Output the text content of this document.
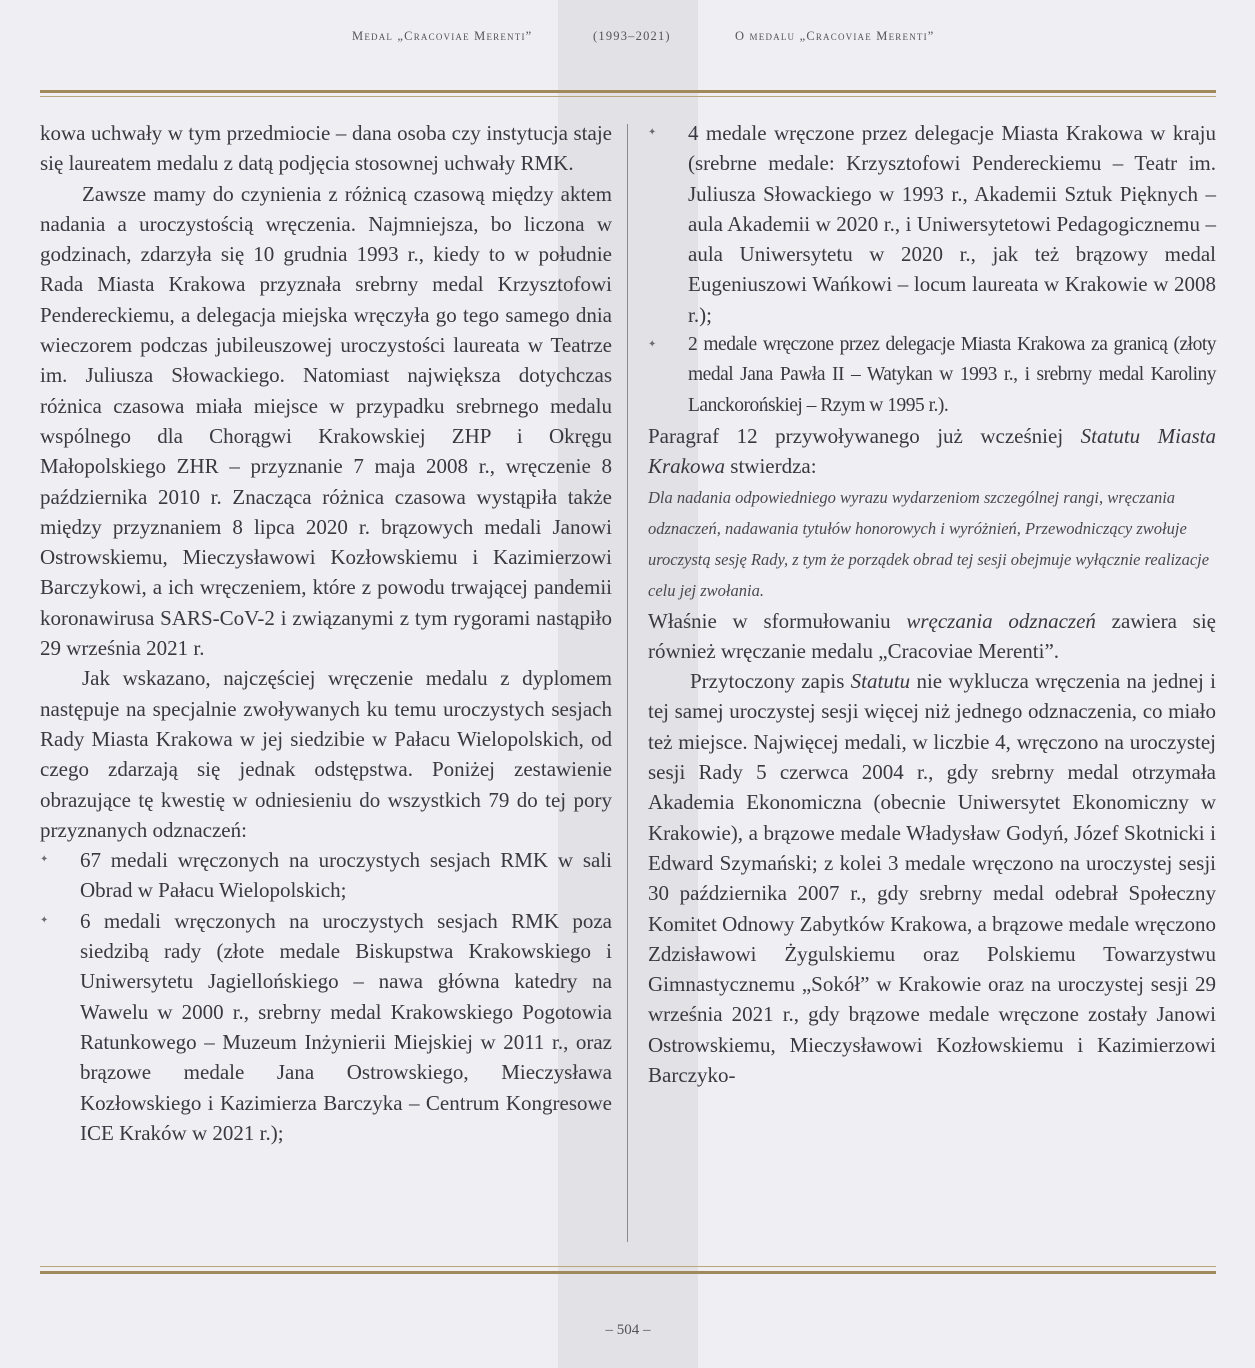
Medal „Cracoviae Merenti”	(1993–2021)	O medalu „Cracoviae Merenti”

kowa uchwały w tym przedmiocie – dana osoba czy instytucja staje się laureatem medalu z datą podjęcia stosownej uchwały RMK.

Zawsze mamy do czynienia z różnicą czasową między aktem nadania a uroczystością wręczenia. Najmniejsza, bo liczona w godzinach, zdarzyła się 10 grudnia 1993 r., kiedy to w południe Rada Miasta Krakowa przyznała srebrny medal Krzysztofowi Pendereckiemu, a delegacja miejska wręczyła go tego samego dnia wieczorem podczas jubileuszowej uroczystości laureata w Teatrze im. Juliusza Słowackiego. Natomiast największa dotychczas różnica czasowa miała miejsce w przypadku srebrnego medalu wspólnego dla Chorągwi Krakowskiej ZHP i Okręgu Małopolskiego ZHR – przyznanie 7 maja 2008 r., wręczenie 8 października 2010 r. Znacząca różnica czasowa wystąpiła także między przyznaniem 8 lipca 2020 r. brązowych medali Janowi Ostrowskiemu, Mieczysławowi Kozłowskiemu i Kazimierzowi Barczykowi, a ich wręczeniem, które z powodu trwającej pandemii koronawirusa SARS-CoV-2 i związanymi z tym rygorami nastąpiło 29 września 2021 r.

Jak wskazano, najczęściej wręczenie medalu z dyplomem następuje na specjalnie zwoływanych ku temu uroczystych sesjach Rady Miasta Krakowa w jej siedzibie w Pałacu Wielopolskich, od czego zdarzają się jednak odstępstwa. Poniżej zestawienie obrazujące tę kwestię w odniesieniu do wszystkich 79 do tej pory przyznanych odznaczeń:

✦ 67 medali wręczonych na uroczystych sesjach RMK w sali Obrad w Pałacu Wielopolskich;
✦ 6 medali wręczonych na uroczystych sesjach RMK poza siedzibą rady (złote medale Biskupstwa Krakowskiego i Uniwersytetu Jagiellońskiego – nawa główna katedry na Wawelu w 2000 r., srebrny medal Krakowskiego Pogotowia Ratunkowego – Muzeum Inżynierii Miejskiej w 2011 r., oraz brązowe medale Jana Ostrowskiego, Mieczysława Kozłowskiego i Kazimierza Barczyka – Centrum Kongresowe ICE Kraków w 2021 r.);
✦ 4 medale wręczone przez delegacje Miasta Krakowa w kraju (srebrne medale: Krzysztofowi Pendereckiemu – Teatr im. Juliusza Słowackiego w 1993 r., Akademii Sztuk Pięknych – aula Akademii w 2020 r., i Uniwersytetowi Pedagogicznemu – aula Uniwersytetu w 2020 r., jak też brązowy medal Eugeniuszowi Wańkowi – locum laureata w Krakowie w 2008 r.);
✦ 2 medale wręczone przez delegacje Miasta Krakowa za granicą (złoty medal Jana Pawła II – Watykan w 1993 r., i srebrny medal Karoliny Lanckorońskiej – Rzym w 1995 r.).

Paragraf 12 przywoływanego już wcześniej Statutu Miasta Krakowa stwierdza:

Dla nadania odpowiedniego wyrazu wydarzeniom szczególnej rangi, wręczania odznaczeń, nadawania tytułów honorowych i wyróżnień, Przewodniczący zwołuje uroczystą sesję Rady, z tym że porządek obrad tej sesji obejmuje wyłącznie realizacje celu jej zwołania.

Właśnie w sformułowaniu wręczania odznaczeń zawiera się również wręczanie medalu „Cracoviae Merenti”.

Przytoczony zapis Statutu nie wyklucza wręczenia na jednej i tej samej uroczystej sesji więcej niż jednego odznaczenia, co miało też miejsce. Najwięcej medali, w liczbie 4, wręczono na uroczystej sesji Rady 5 czerwca 2004 r., gdy srebrny medal otrzymała Akademia Ekonomiczna (obecnie Uniwersytet Ekonomiczny w Krakowie), a brązowe medale Władysław Godyń, Józef Skotnicki i Edward Szymański; z kolei 3 medale wręczono na uroczystej sesji 30 października 2007 r., gdy srebrny medal odebrał Społeczny Komitet Odnowy Zabytków Krakowa, a brązowe medale wręczono Zdzisławowi Żygulskiemu oraz Polskiemu Towarzystwu Gimnastycznemu „Sokół” w Krakowie oraz na uroczystej sesji 29 września 2021 r., gdy brązowe medale wręczone zostały Janowi Ostrowskiemu, Mieczysławowi Kozłowskiemu i Kazimierzowi Barczyko-

– 504 –
